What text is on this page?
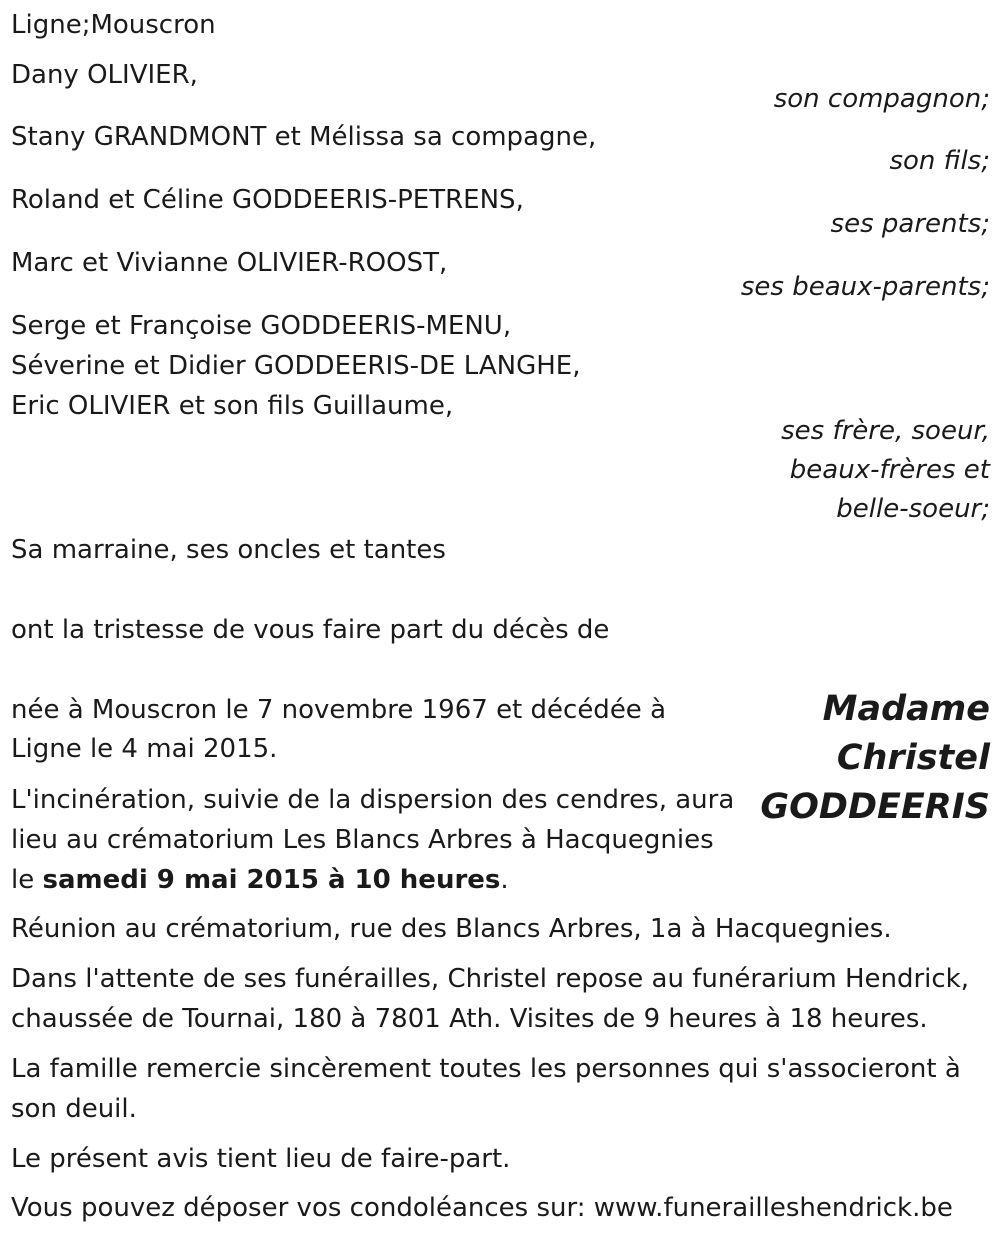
Ligne;Mouscron
Dany OLIVIER,
son compagnon;
Stany GRANDMONT et Mélissa sa compagne,
son fils;
Roland et Céline GODDEERIS-PETRENS,
ses parents;
Marc et Vivianne OLIVIER-ROOST,
ses beaux-parents;
Serge et Françoise GODDEERIS-MENU,
Séverine et Didier GODDEERIS-DE LANGHE,
Eric OLIVIER et son fils Guillaume,
ses frère, soeur,
beaux-frères et
belle-soeur;
Sa marraine, ses oncles et tantes
ont la tristesse de vous faire part du décès de
Madame
Christel
GODDEERIS
née à Mouscron le 7 novembre 1967 et décédée à
Ligne le 4 mai 2015.
L'incinération, suivie de la dispersion des cendres, aura
lieu au crématorium Les Blancs Arbres à Hacquegnies
le samedi 9 mai 2015 à 10 heures.
Réunion au crématorium, rue des Blancs Arbres, 1a à Hacquegnies.
Dans l'attente de ses funérailles, Christel repose au funérarium Hendrick,
chaussée de Tournai, 180 à 7801 Ath. Visites de 9 heures à 18 heures.
La famille remercie sincèrement toutes les personnes qui s'associeront à
son deuil.
Le présent avis tient lieu de faire-part.
Vous pouvez déposer vos condoléances sur: www.funerailleshendrick.be
